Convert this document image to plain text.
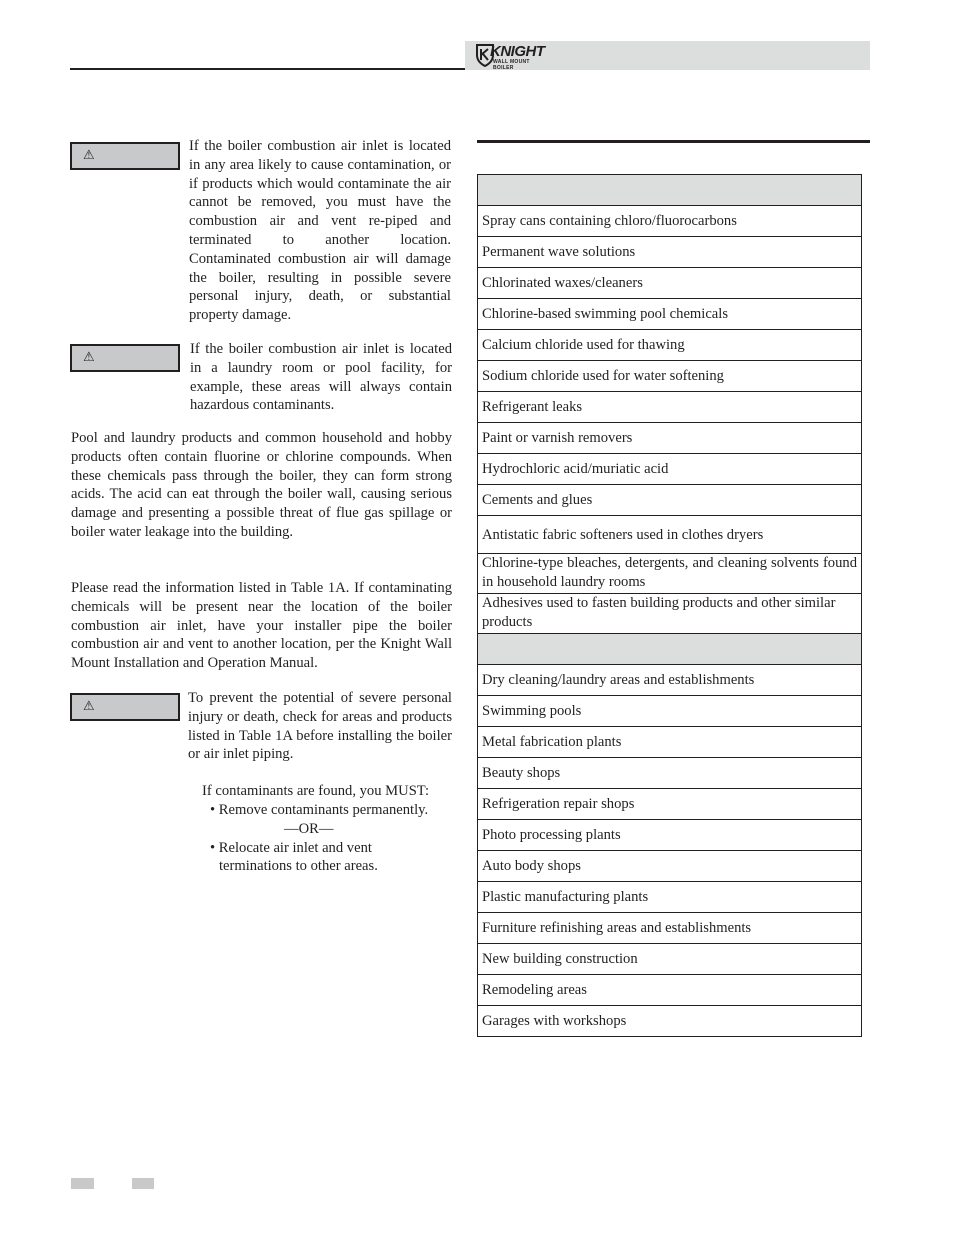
KNIGHT
WALL MOUNT BOILER
⚠
If the boiler combustion air inlet is located in any area likely to cause contamination, or if products which would contaminate the air cannot be removed, you must have the combustion air and vent re-piped and terminated to another location. Contaminated combustion air will damage the boiler, resulting in possible severe personal injury, death, or substantial property damage.
⚠
If the boiler combustion air inlet is located in a laundry room or pool facility, for example, these areas will always contain hazardous contaminants.
Pool and laundry products and common household and hobby products often contain fluorine or chlorine compounds. When these chemicals pass through the boiler, they can form strong acids. The acid can eat through the boiler wall, causing serious damage and presenting a possible threat of flue gas spillage or boiler water leakage into the building.
Please read the information listed in Table 1A. If contaminating chemicals will be present near the location of the boiler combustion air inlet, have your installer pipe the boiler combustion air and vent to another location, per the Knight Wall Mount Installation and Operation Manual.
⚠
To prevent the potential of severe personal injury or death, check for areas and products listed in Table 1A before installing the boiler or air inlet piping.
If contaminants are found, you MUST:
• Remove contaminants permanently.
—OR—
• Relocate air inlet and vent
terminations to other areas.
Spray cans containing chloro/fluorocarbons
Permanent wave solutions
Chlorinated waxes/cleaners
Chlorine-based swimming pool chemicals
Calcium chloride used for thawing
Sodium chloride used for water softening
Refrigerant leaks
Paint or varnish removers
Hydrochloric acid/muriatic acid
Cements and glues
Antistatic fabric softeners used in clothes dryers
Chlorine-type bleaches, detergents, and cleaning solvents found in household laundry rooms
Adhesives used to fasten building products and other similar products
Dry cleaning/laundry areas and establishments
Swimming pools
Metal fabrication plants
Beauty shops
Refrigeration repair shops
Photo processing plants
Auto body shops
Plastic manufacturing plants
Furniture refinishing areas and establishments
New building construction
Remodeling areas
Garages with workshops
